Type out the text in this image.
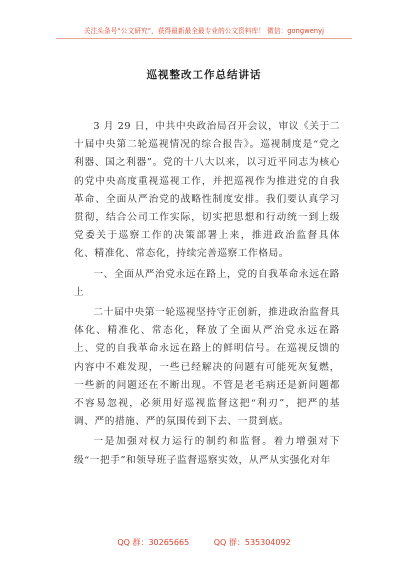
关注头条号“公文研究”，获得最新最全最专业的公文资料库！ 微信：gongwenyj
巡视整改工作总结讲话

3 月 29 日，中共中央政治局召开会议，审议《关于二十届中央第二轮巡视情况的综合报告》。巡视制度是“党之利器、国之利器”。党的十八大以来，以习近平同志为核心的党中央高度重视巡视工作，并把巡视作为推进党的自我革命、全面从严治党的战略性制度安排。我们要认真学习贯彻，结合公司工作实际，切实把思想和行动统一到上级党委关于巡察工作的决策部署上来，推进政治监督具体化、精准化、常态化，持续完善巡察工作格局。

一、全面从严治党永远在路上，党的自我革命永远在路上

二十届中央第一轮巡视坚持守正创新，推进政治监督具体化、精准化、常态化，释放了全面从严治党永远在路上、党的自我革命永远在路上的鲜明信号。在巡视反馈的内容中不难发现，一些已经解决的问题有可能死灰复燃，一些新的问题还在不断出现。不管是老毛病还是新问题都不容易忽视，必须用好巡视监督这把“利刃”，把严的基调、严的措施、严的氛围传到下去、一贯到底。

一是加强对权力运行的制约和监督。着力增强对下级“一把手”和领导班子监督巡察实效，从严从实强化对年

QQ 群：30265665	QQ 群：535304092
